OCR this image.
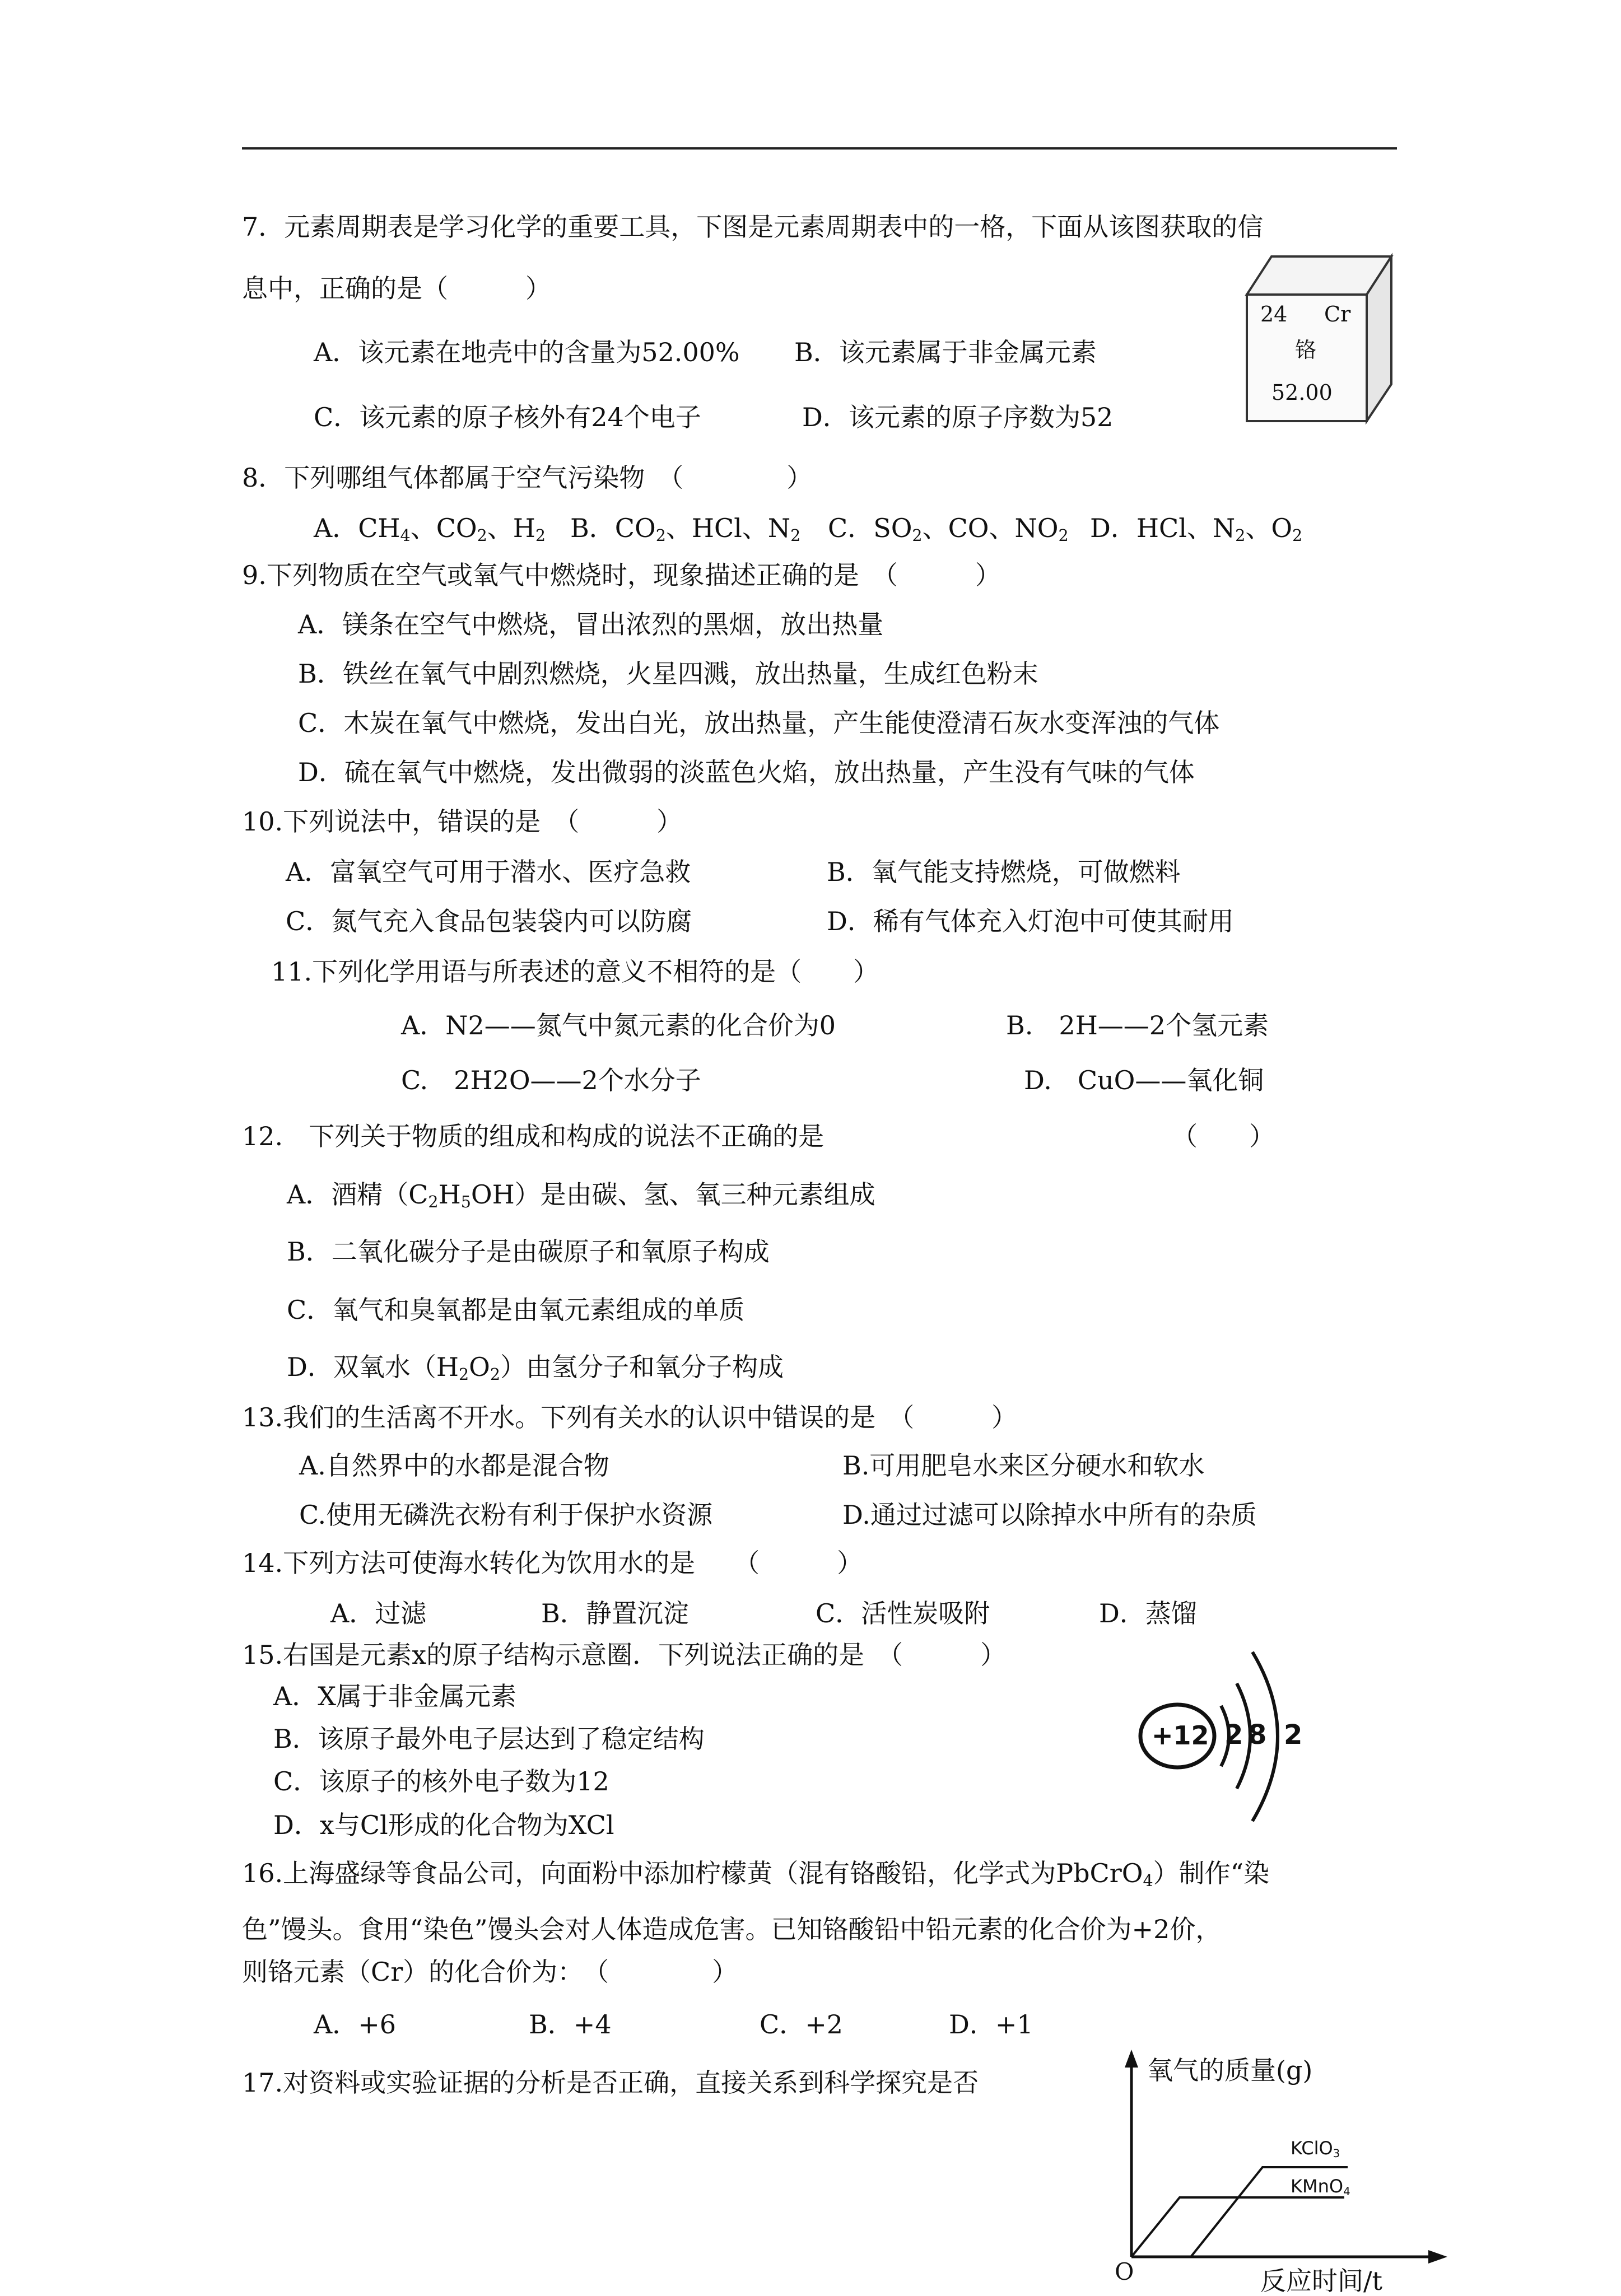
7．元素周期表是学习化学的重要工具，下图是元素周期表中的一格，下面从该图获取的信
息中，正确的是（　　　）
A．该元素在地壳中的含量为52.00% B．该元素属于非金属元素
C．该元素的原子核外有24个电子	D．该元素的原子序数为52
24 Cr
铬
52.00
8．下列哪组气体都属于空气污染物　（　　　　）
A．$CH_4$、$CO_2$、$H_2$ B．$CO_2$、HCl、$N_2$ C．$SO_2$、CO、$NO_2$ D．HCl、$N_2$、$O_2$
9.下列物质在空气或氧气中燃烧时，现象描述正确的是　（　　　）
A．镁条在空气中燃烧，冒出浓烈的黑烟，放出热量
B．铁丝在氧气中剧烈燃烧，火星四溅，放出热量，生成红色粉末
C．木炭在氧气中燃烧，发出白光，放出热量，产生能使澄清石灰水变浑浊的气体
D．硫在氧气中燃烧，发出微弱的淡蓝色火焰，放出热量，产生没有气味的气体
10.下列说法中，错误的是　（　　　）
A．富氧空气可用于潜水、医疗急救	B．氧气能支持燃烧，可做燃料
C．氮气充入食品包装袋内可以防腐	D．稀有气体充入灯泡中可使其耐用
11.下列化学用语与所表述的意义不相符的是（　　）
A．N2——氮气中氮元素的化合价为0	B.　2H——2个氢元素
C.　2H2O——2个水分子	D.　CuO——氧化铜
12.　下列关于物质的组成和构成的说法不正确的是	（　　）
A．酒精$(C_2H_5OH)$是由碳、氢、氧三种元素组成
B．二氧化碳分子是由碳原子和氧原子构成
C．氧气和臭氧都是由氧元素组成的单质
D．双氧水$(H_2O_2)$由氢分子和氧分子构成
13.我们的生活离不开水。下列有关水的认识中错误的是　（　　　）
A.自然界中的水都是混合物	B.可用肥皂水来区分硬水和软水
C.使用无磷洗衣粉有利于保护水资源	D.通过过滤可以除掉水中所有的杂质
14.下列方法可使海水转化为饮用水的是　　（　　　）
A．过滤	B．静置沉淀	C．活性炭吸附	D．蒸馏
15.右国是元素x的原子结构示意圈．下列说法正确的是　（　　　）
A．X属于非金属元素
B．该原子最外电子层达到了稳定结构
C．该原子的核外电子数为12
D．x与Cl形成的化合物为XCl
+12 2 8 2
16.上海盛绿等食品公司，向面粉中添加柠檬黄（混有铬酸铅，化学式为PbCrO$_4$）制作“染
色”馒头。食用“染色”馒头会对人体造成危害。已知铬酸铅中铅元素的化合价为+2价，
则铬元素（Cr）的化合价为：　（　　　　）
A．+6	B．+4	C．+2	D．+1
17.对资料或实验证据的分析是否正确，直接关系到科学探究是否	氧气的质量(g)
KClO$_3$
KMnO$_4$
O	反应时间/t
